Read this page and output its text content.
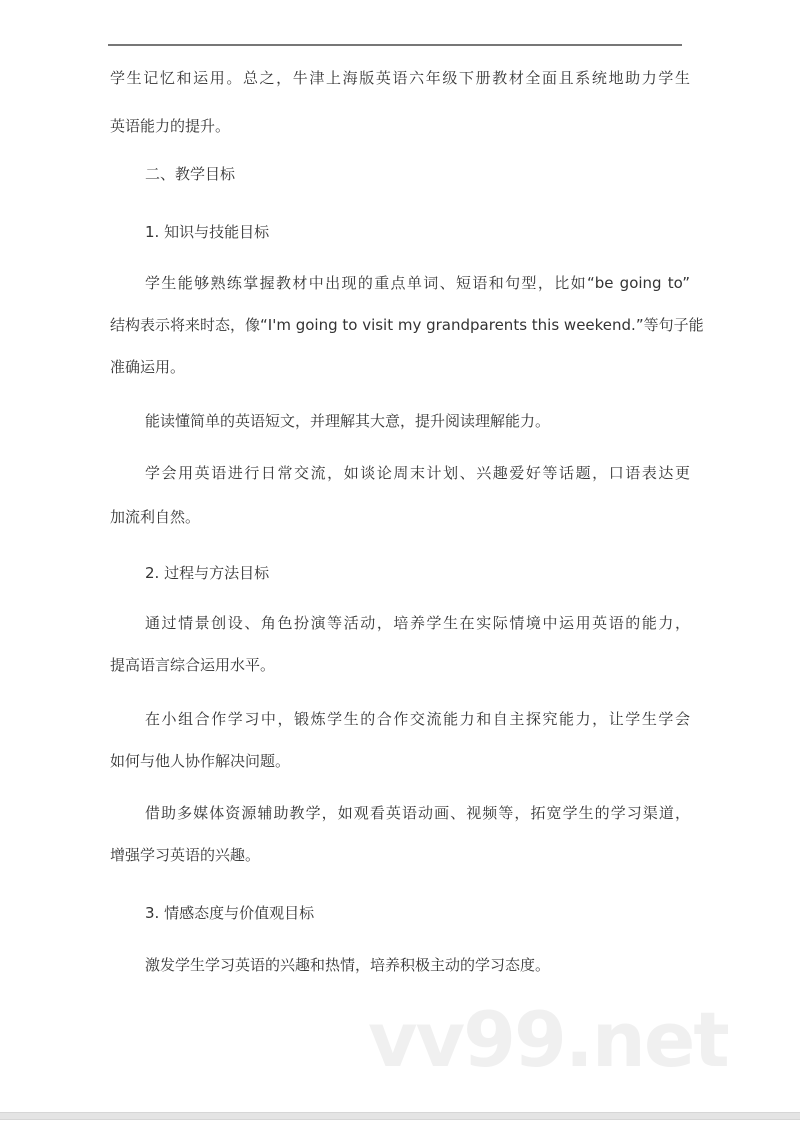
学生记忆和运用。总之，牛津上海版英语六年级下册教材全面且系统地助力学生
英语能力的提升。
二、教学目标
1. 知识与技能目标
学生能够熟练掌握教材中出现的重点单词、短语和句型，比如“be going to”
结构表示将来时态，像“I'm going to visit my grandparents this weekend.”等句子能
准确运用。
能读懂简单的英语短文，并理解其大意，提升阅读理解能力。
学会用英语进行日常交流，如谈论周末计划、兴趣爱好等话题，口语表达更
加流利自然。
2. 过程与方法目标
通过情景创设、角色扮演等活动，培养学生在实际情境中运用英语的能力，
提高语言综合运用水平。
在小组合作学习中，锻炼学生的合作交流能力和自主探究能力，让学生学会
如何与他人协作解决问题。
借助多媒体资源辅助教学，如观看英语动画、视频等，拓宽学生的学习渠道，
增强学习英语的兴趣。
3. 情感态度与价值观目标
激发学生学习英语的兴趣和热情，培养积极主动的学习态度。
vv99.net
